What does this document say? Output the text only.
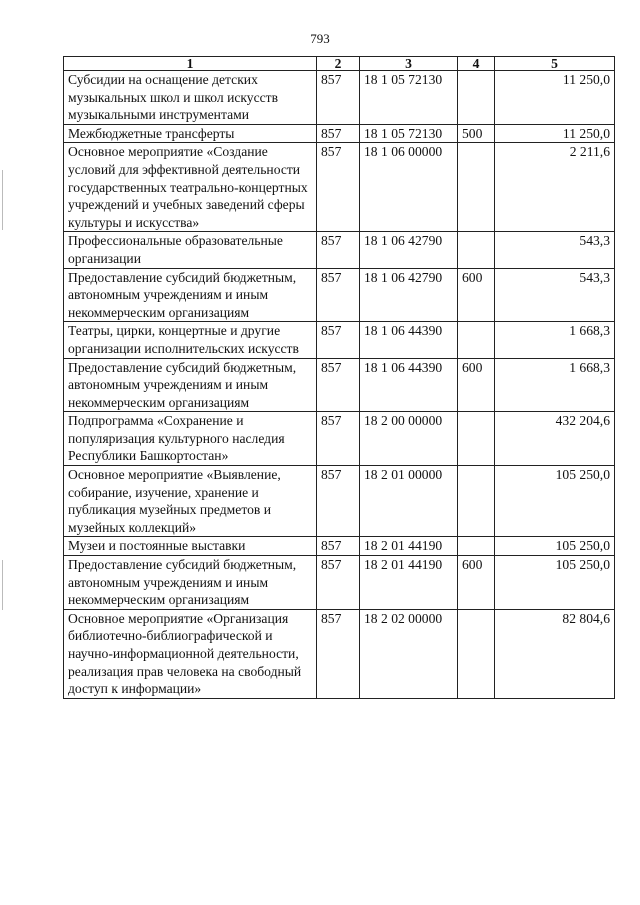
793
1	2	3	4	5
Субсидии на оснащение детских музыкальных школ и школ искусств музыкальными инструментами	857	18 1 05 72130		11 250,0
Межбюджетные трансферты	857	18 1 05 72130	500	11 250,0
Основное мероприятие «Создание условий для эффективной деятельности государственных театрально-концертных учреждений и учебных заведений сферы культуры и искусства»	857	18 1 06 00000		2 211,6
Профессиональные образовательные организации	857	18 1 06 42790		543,3
Предоставление субсидий бюджетным, автономным учреждениям и иным некоммерческим организациям	857	18 1 06 42790	600	543,3
Театры, цирки, концертные и другие организации исполнительских искусств	857	18 1 06 44390		1 668,3
Предоставление субсидий бюджетным, автономным учреждениям и иным некоммерческим организациям	857	18 1 06 44390	600	1 668,3
Подпрограмма «Сохранение и популяризация культурного наследия Республики Башкортостан»	857	18 2 00 00000		432 204,6
Основное мероприятие «Выявление, собирание, изучение, хранение и публикация музейных предметов и музейных коллекций»	857	18 2 01 00000		105 250,0
Музеи и постоянные выставки	857	18 2 01 44190		105 250,0
Предоставление субсидий бюджетным, автономным учреждениям и иным некоммерческим организациям	857	18 2 01 44190	600	105 250,0
Основное мероприятие «Организация библиотечно-библиографической и научно-информационной деятельности, реализация прав человека на свободный доступ к информации»	857	18 2 02 00000		82 804,6
